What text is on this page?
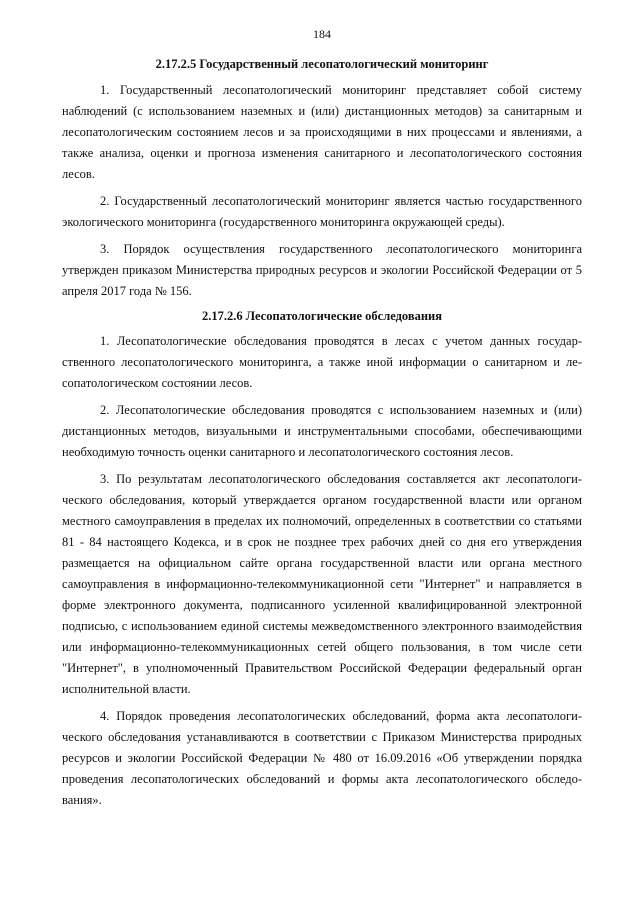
184
2.17.2.5 Государственный лесопатологический мониторинг

1. Государственный лесопатологический мониторинг представляет собой систему наблюдений (с использованием наземных и (или) дистанционных методов) за санитарным и лесопатологическим состоянием лесов и за происходящими в них процессами и явлениями, а также анализа, оценки и прогноза изменения санитарного и лесопатологического состояния лесов.

2. Государственный лесопатологический мониторинг является частью государственного экологического мониторинга (государственного мониторинга окружающей среды).

3. Порядок осуществления государственного лесопатологического мониторинга утвержден приказом Министерства природных ресурсов и экологии Российской Федерации от 5 апреля 2017 года № 156.

2.17.2.6 Лесопатологические обследования

1. Лесопатологические обследования проводятся в лесах с учетом данных государственного лесопатологического мониторинга, а также иной информации о санитарном и лесопатологическом состоянии лесов.

2. Лесопатологические обследования проводятся с использованием наземных и (или) дистанционных методов, визуальными и инструментальными способами, обеспечивающими необходимую точность оценки санитарного и лесопатологического состояния лесов.

3. По результатам лесопатологического обследования составляется акт лесопатологического обследования, который утверждается органом государственной власти или органом местного самоуправления в пределах их полномочий, определенных в соответствии со статьями 81 - 84 настоящего Кодекса, и в срок не позднее трех рабочих дней со дня его утверждения размещается на официальном сайте органа государственной власти или органа местного самоуправления в информационно-телекоммуникационной сети "Интернет" и направляется в форме электронного документа, подписанного усиленной квалифицированной электронной подписью, с использованием единой системы межведомственного электронного взаимодействия или информационно-телекоммуникационных сетей общего пользования, в том числе сети "Интернет", в уполномоченный Правительством Российской Федерации федеральный орган исполнительной власти.

4. Порядок проведения лесопатологических обследований, форма акта лесопатологического обследования устанавливаются в соответствии с Приказом Министерства природных ресурсов и экологии Российской Федерации № 480 от 16.09.2016 «Об утверждении порядка проведения лесопатологических обследований и формы акта лесопатологического обследования».
